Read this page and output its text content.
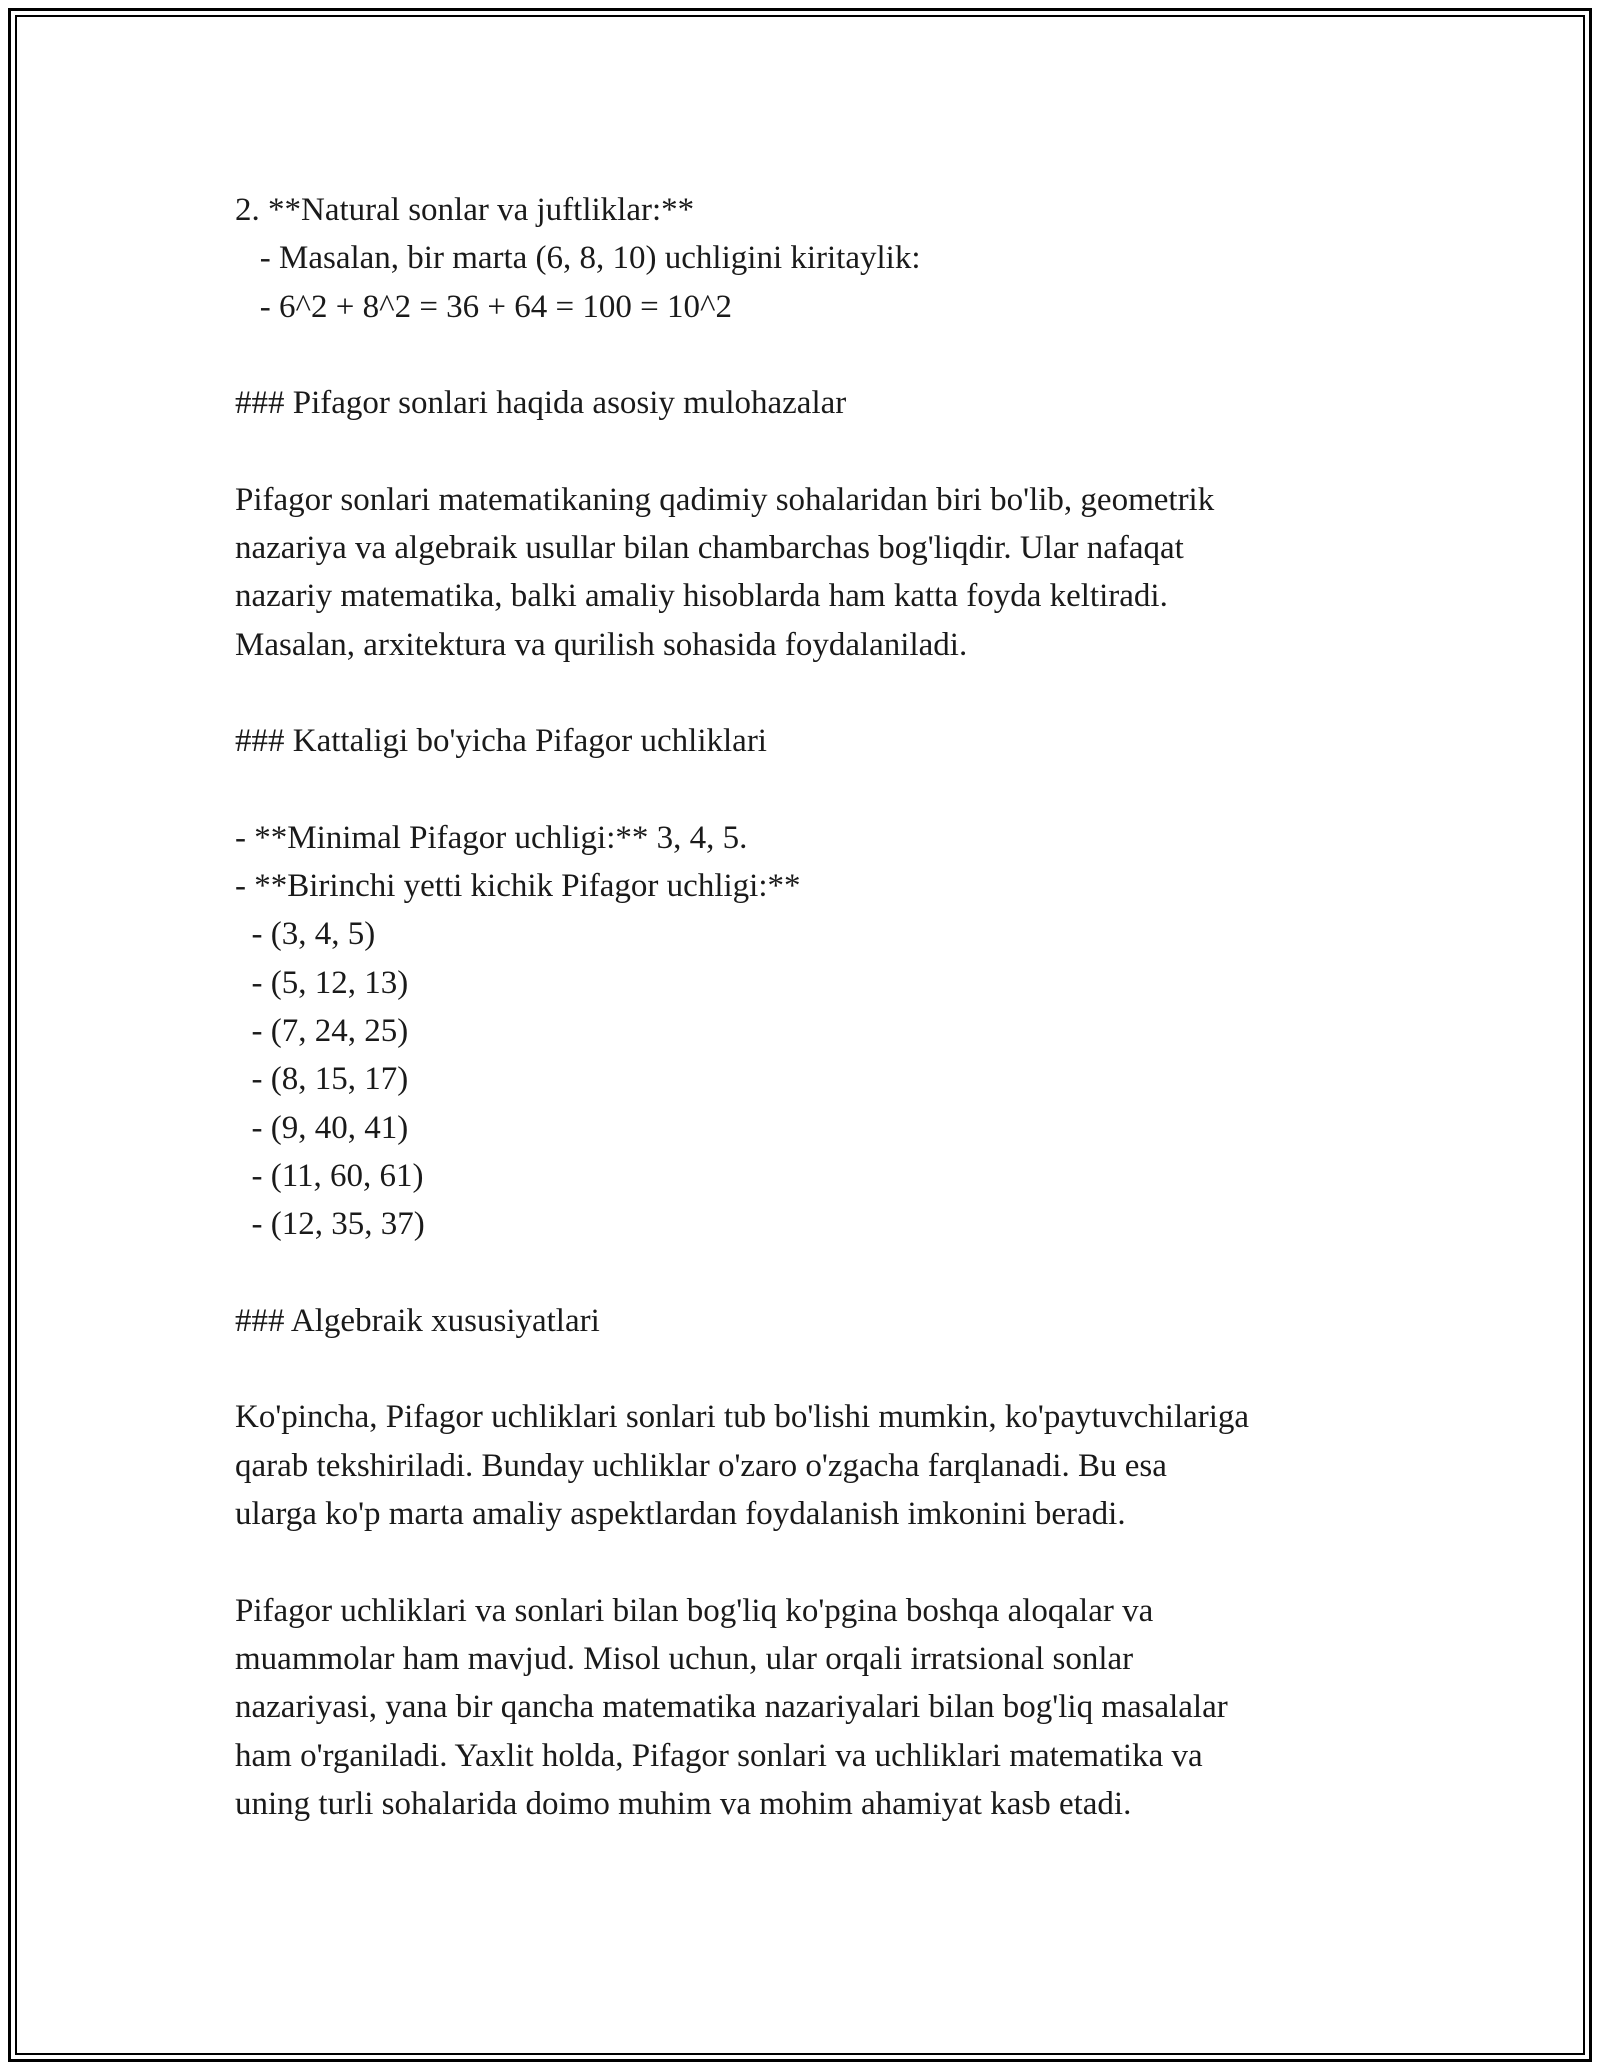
2. **Natural sonlar va juftliklar:**
- Masalan, bir marta (6, 8, 10) uchligini kiritaylik:
- 6^2 + 8^2 = 36 + 64 = 100 = 10^2
### Pifagor sonlari haqida asosiy mulohazalar
Pifagor sonlari matematikaning qadimiy sohalaridan biri bo'lib, geometrik
nazariya va algebraik usullar bilan chambarchas bog'liqdir. Ular nafaqat
nazariy matematika, balki amaliy hisoblarda ham katta foyda keltiradi.
Masalan, arxitektura va qurilish sohasida foydalaniladi.
### Kattaligi bo'yicha Pifagor uchliklari
- **Minimal Pifagor uchligi:** 3, 4, 5.
- **Birinchi yetti kichik Pifagor uchligi:**
- (3, 4, 5)
- (5, 12, 13)
- (7, 24, 25)
- (8, 15, 17)
- (9, 40, 41)
- (11, 60, 61)
- (12, 35, 37)
### Algebraik xususiyatlari
Ko'pincha, Pifagor uchliklari sonlari tub bo'lishi mumkin, ko'paytuvchilariga
qarab tekshiriladi. Bunday uchliklar o'zaro o'zgacha farqlanadi. Bu esa
ularga ko'p marta amaliy aspektlardan foydalanish imkonini beradi.
Pifagor uchliklari va sonlari bilan bog'liq ko'pgina boshqa aloqalar va
muammolar ham mavjud. Misol uchun, ular orqali irratsional sonlar
nazariyasi, yana bir qancha matematika nazariyalari bilan bog'liq masalalar
ham o'rganiladi. Yaxlit holda, Pifagor sonlari va uchliklari matematika va
uning turli sohalarida doimo muhim va mohim ahamiyat kasb etadi.
